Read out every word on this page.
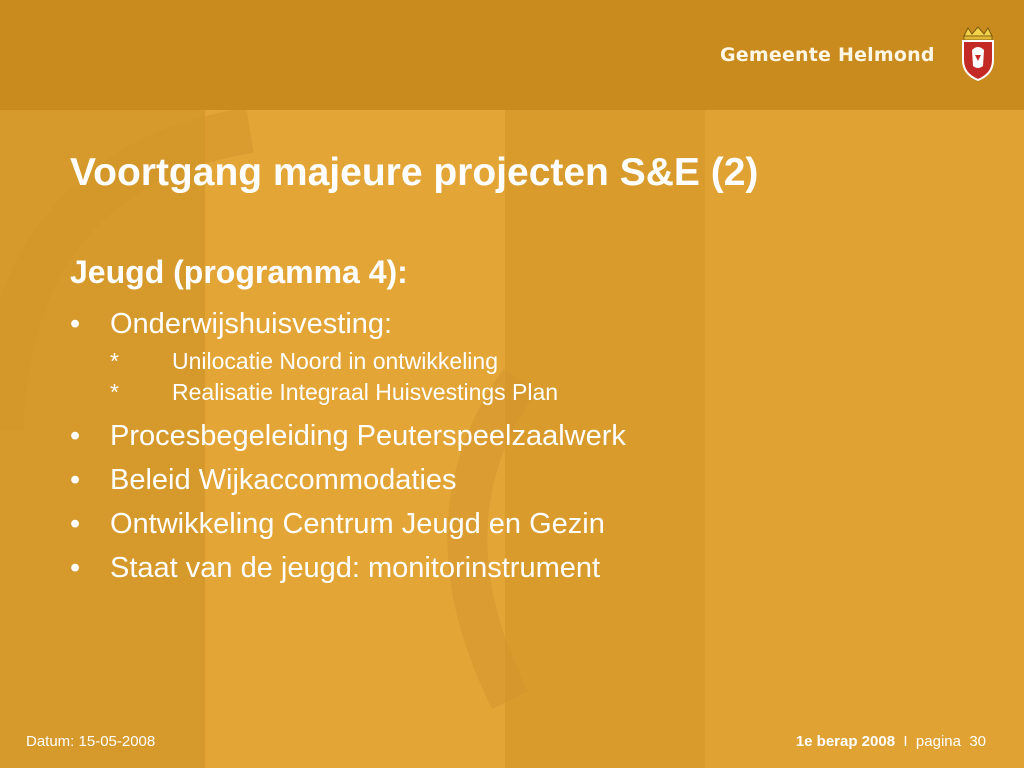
Gemeente Helmond
Voortgang majeure projecten S&E (2)
Jeugd (programma 4):
•	Onderwijshuisvesting:
*	Unilocatie Noord in ontwikkeling
*	Realisatie Integraal Huisvestings Plan
•	Procesbegeleiding Peuterspeelzaalwerk
•	Beleid Wijkaccommodaties
•	Ontwikkeling Centrum Jeugd en Gezin
•	Staat van de jeugd: monitorinstrument
Datum: 15-05-2008	1e berap 2008 I pagina 30
